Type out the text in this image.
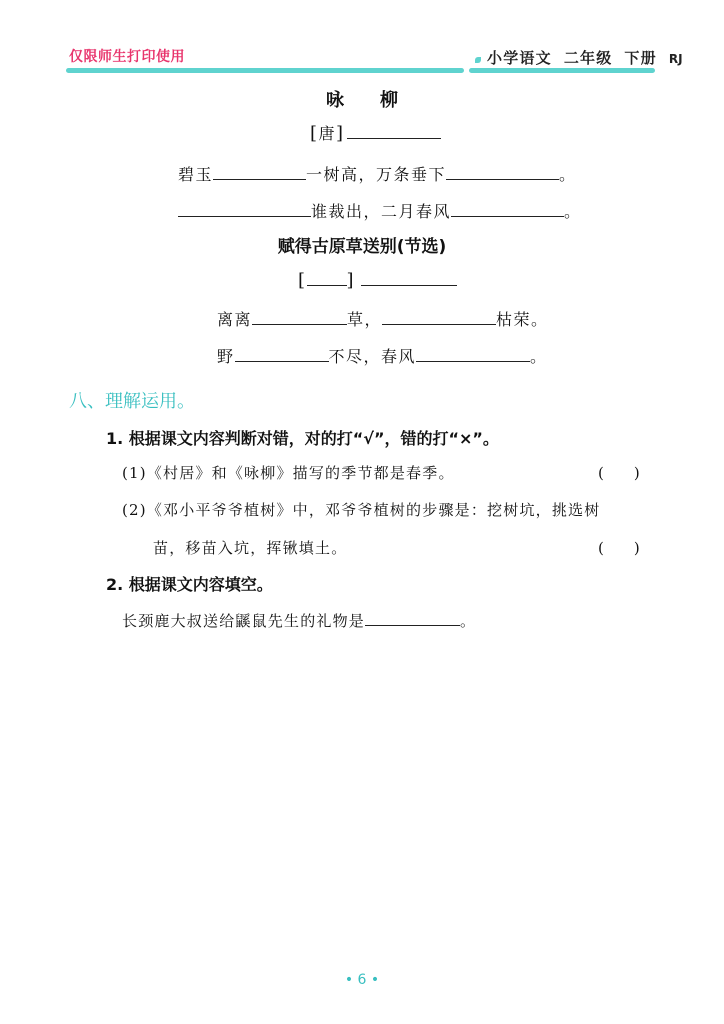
仅限师生打印使用	小学语文 二年级 下册 RJ
咏　　柳
[唐]
碧玉	一树高，万条垂下	。
谁裁出，二月春风	。
赋得古原草送别(节选)
[ ]
离离	草，	枯荣。
野	不尽，春风	。
八、理解运用。
1. 根据课文内容判断对错，对的打“√”，错的打“×”。
(1)《村居》和《咏柳》描写的季节都是春季。	(　　)
(2)《邓小平爷爷植树》中，邓爷爷植树的步骤是：挖树坑，挑选树
苗，移苗入坑，挥锹填土。	(　　)
2. 根据课文内容填空。
长颈鹿大叔送给鼷鼠先生的礼物是	。
• 6 •
